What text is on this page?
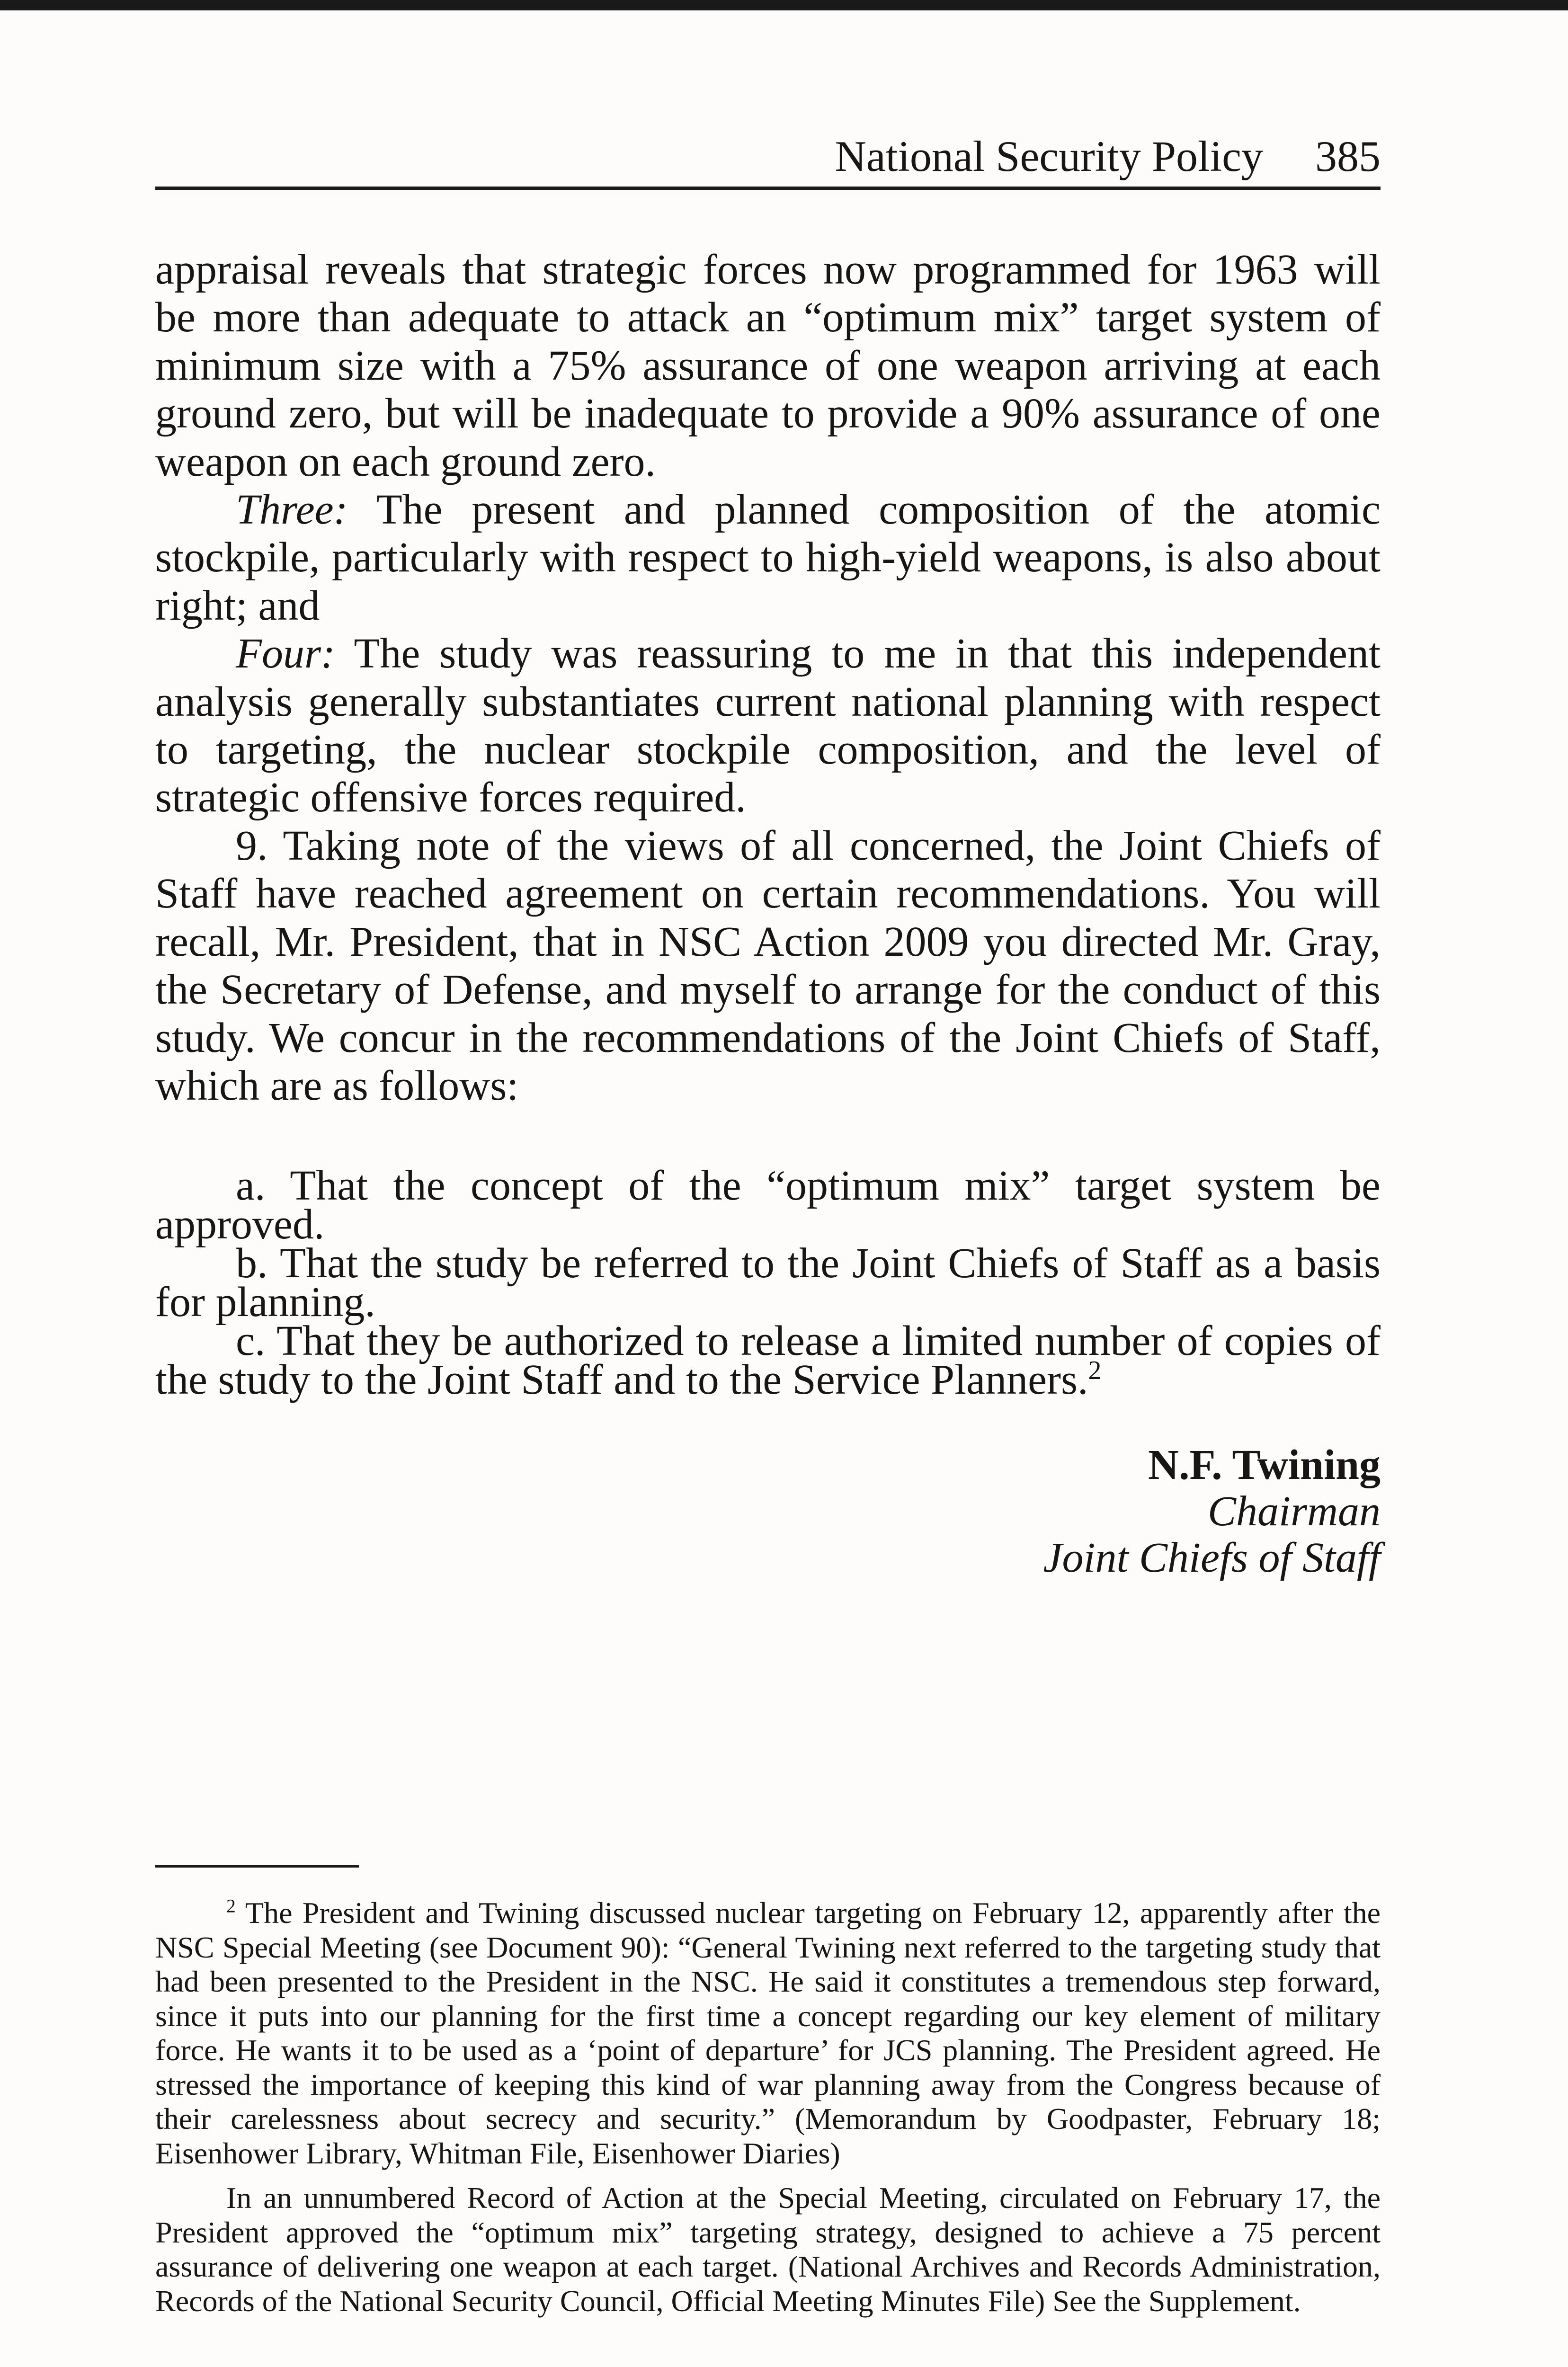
National Security Policy 385

appraisal reveals that strategic forces now programmed for 1963 will be more than adequate to attack an “optimum mix” target system of minimum size with a 75% assurance of one weapon arriving at each ground zero, but will be inadequate to provide a 90% assurance of one weapon on each ground zero.

Three: The present and planned composition of the atomic stockpile, particularly with respect to high-yield weapons, is also about right; and

Four: The study was reassuring to me in that this independent analysis generally substantiates current national planning with respect to targeting, the nuclear stockpile composition, and the level of strategic offensive forces required.

9. Taking note of the views of all concerned, the Joint Chiefs of Staff have reached agreement on certain recommendations. You will recall, Mr. President, that in NSC Action 2009 you directed Mr. Gray, the Secretary of Defense, and myself to arrange for the conduct of this study. We concur in the recommendations of the Joint Chiefs of Staff, which are as follows:

a. That the concept of the “optimum mix” target system be approved.

b. That the study be referred to the Joint Chiefs of Staff as a basis for planning.

c. That they be authorized to release a limited number of copies of the study to the Joint Staff and to the Service Planners.$^2$

N.F. Twining
Chairman
Joint Chiefs of Staff

$^2$ The President and Twining discussed nuclear targeting on February 12, apparently after the NSC Special Meeting (see Document 90): “General Twining next referred to the targeting study that had been presented to the President in the NSC. He said it constitutes a tremendous step forward, since it puts into our planning for the first time a concept regarding our key element of military force. He wants it to be used as a ‘point of departure’ for JCS planning. The President agreed. He stressed the importance of keeping this kind of war planning away from the Congress because of their carelessness about secrecy and security.” (Memorandum by Goodpaster, February 18; Eisenhower Library, Whitman File, Eisenhower Diaries)

In an unnumbered Record of Action at the Special Meeting, circulated on February 17, the President approved the “optimum mix” targeting strategy, designed to achieve a 75 percent assurance of delivering one weapon at each target. (National Archives and Records Administration, Records of the National Security Council, Official Meeting Minutes File) See the Supplement.
